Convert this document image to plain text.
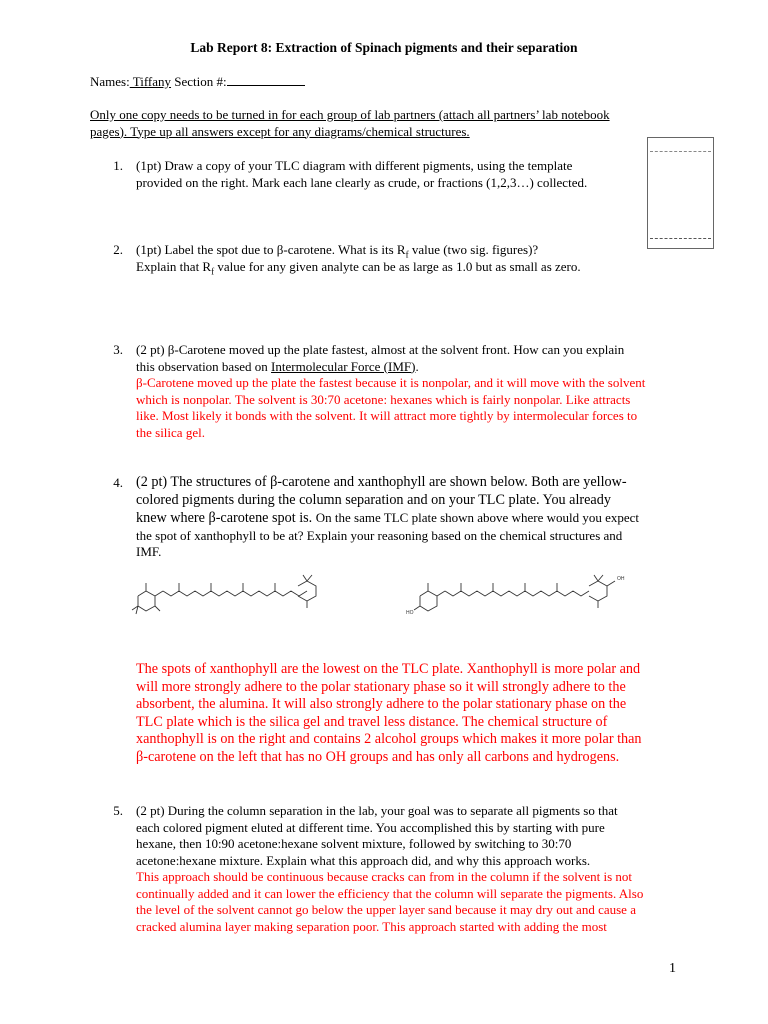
Lab Report 8: Extraction of Spinach pigments and their separation
Names: Tiffany Section #:
Only one copy needs to be turned in for each group of lab partners (attach all partners’ lab notebook
pages). Type up all answers except for any diagrams/chemical structures.
1. (1pt) Draw a copy of your TLC diagram with different pigments, using the template
provided on the right. Mark each lane clearly as crude, or fractions (1,2,3…) collected.
2. (1pt) Label the spot due to β-carotene. What is its $R_f$ value (two sig. figures)?
Explain that $R_f$ value for any given analyte can be as large as 1.0 but as small as zero.
3. (2 pt) β-Carotene moved up the plate fastest, almost at the solvent front. How can you explain
this observation based on Intermolecular Force (IMF).
β-Carotene moved up the plate the fastest because it is nonpolar, and it will move with the solvent
which is nonpolar. The solvent is 30:70 acetone: hexanes which is fairly nonpolar. Like attracts
like. Most likely it bonds with the solvent. It will attract more tightly by intermolecular forces to
the silica gel.
4. (2 pt) The structures of β-carotene and xanthophyll are shown below. Both are yellow-
colored pigments during the column separation and on your TLC plate. You already
knew where β-carotene spot is. On the same TLC plate shown above where would you expect
the spot of xanthophyll to be at? Explain your reasoning based on the chemical structures and
IMF.
OH
HO
The spots of xanthophyll are the lowest on the TLC plate. Xanthophyll is more polar and
will more strongly adhere to the polar stationary phase so it will strongly adhere to the
absorbent, the alumina. It will also strongly adhere to the polar stationary phase on the
TLC plate which is the silica gel and travel less distance. The chemical structure of
xanthophyll is on the right and contains 2 alcohol groups which makes it more polar than
β-carotene on the left that has no OH groups and has only all carbons and hydrogens.
5. (2 pt) During the column separation in the lab, your goal was to separate all pigments so that
each colored pigment eluted at different time. You accomplished this by starting with pure
hexane, then 10:90 acetone:hexane solvent mixture, followed by switching to 30:70
acetone:hexane mixture. Explain what this approach did, and why this approach works.
This approach should be continuous because cracks can from in the column if the solvent is not
continually added and it can lower the efficiency that the column will separate the pigments. Also
the level of the solvent cannot go below the upper layer sand because it may dry out and cause a
cracked alumina layer making separation poor. This approach started with adding the most
1
